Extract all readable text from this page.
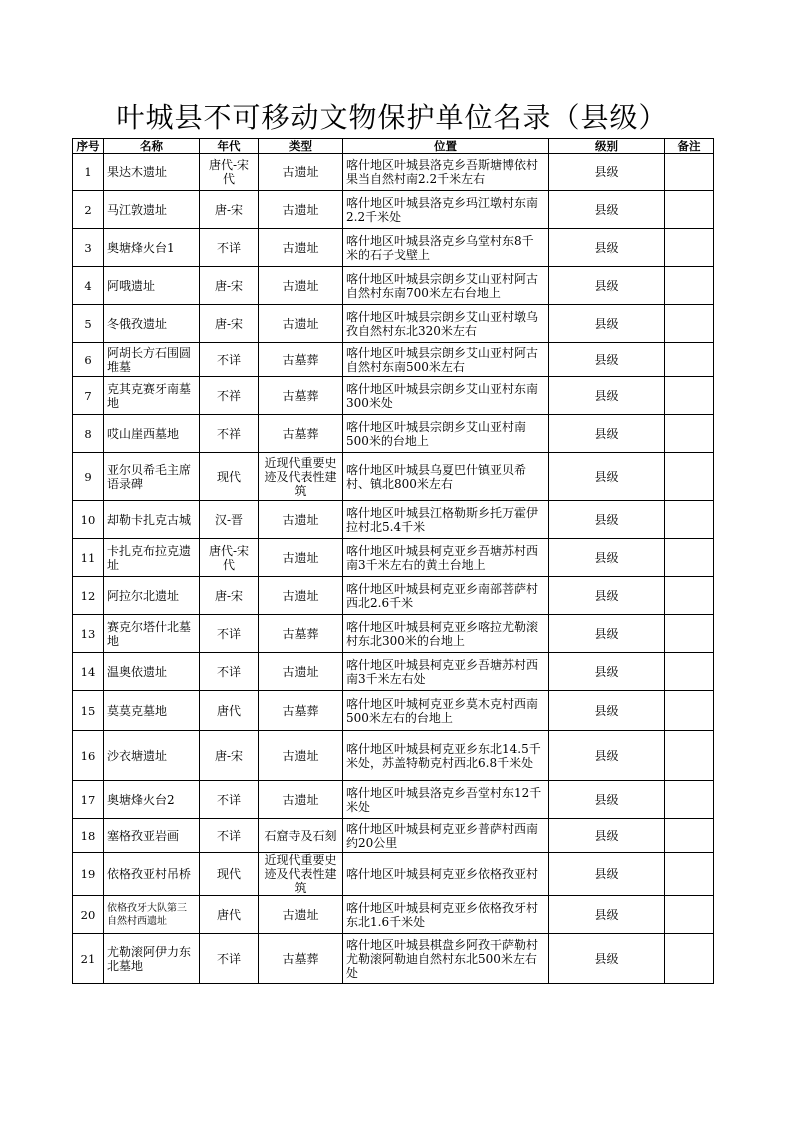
叶城县不可移动文物保护单位名录（县级）
序号	名称	年代	类型	位置	级别	备注
1	果达木遗址	唐代-宋代	古遗址	喀什地区叶城县洛克乡吾斯塘博依村果当自然村南2.2千米左右	县级	
2	马江敦遗址	唐-宋	古遗址	喀什地区叶城县洛克乡玛江墩村东南2.2千米处	县级	
3	奥塘烽火台1	不详	古遗址	喀什地区叶城县洛克乡乌堂村东8千米的石子戈壁上	县级	
4	阿哦遗址	唐-宋	古遗址	喀什地区叶城县宗朗乡艾山亚村阿古自然村东南700米左右台地上	县级	
5	冬俄孜遗址	唐-宋	古遗址	喀什地区叶城县宗朗乡艾山亚村墩乌孜自然村东北320米左右	县级	
6	阿胡长方石围圆堆墓	不详	古墓葬	喀什地区叶城县宗朗乡艾山亚村阿古自然村东南500米左右	县级	
7	克其克赛牙南墓地	不祥	古墓葬	喀什地区叶城县宗朗乡艾山亚村东南300米处	县级	
8	哎山崖西墓地	不祥	古墓葬	喀什地区叶城县宗朗乡艾山亚村南500米的台地上	县级	
9	亚尔贝希毛主席语录碑	现代	近现代重要史迹及代表性建筑	喀什地区叶城县乌夏巴什镇亚贝希村、镇北800米左右	县级	
10	却勒卡扎克古城	汉-晋	古遗址	喀什地区叶城县江格勒斯乡托万霍伊拉村北5.4千米	县级	
11	卡扎克布拉克遗址	唐代-宋代	古遗址	喀什地区叶城县柯克亚乡吾塘苏村西南3千米左右的黄土台地上	县级	
12	阿拉尔北遗址	唐-宋	古遗址	喀什地区叶城县柯克亚乡南部菩萨村西北2.6千米	县级	
13	赛克尔塔什北墓地	不详	古墓葬	喀什地区叶城县柯克亚乡喀拉尤勒滚村东北300米的台地上	县级	
14	温奥依遗址	不详	古遗址	喀什地区叶城县柯克亚乡吾塘苏村西南3千米左右处	县级	
15	莫莫克墓地	唐代	古墓葬	喀什地区叶城柯克亚乡莫木克村西南500米左右的台地上	县级	
16	沙衣塘遗址	唐-宋	古遗址	喀什地区叶城县柯克亚乡东北14.5千米处，苏盖特勒克村西北6.8千米处	县级	
17	奥塘烽火台2	不详	古遗址	喀什地区叶城县洛克乡吾堂村东12千米处	县级	
18	塞格孜亚岩画	不详	石窟寺及石刻	喀什地区叶城县柯克亚乡普萨村西南约20公里	县级	
19	依格孜亚村吊桥	现代	近现代重要史迹及代表性建筑	喀什地区叶城县柯克亚乡依格孜亚村	县级	
20	依格孜牙大队第三自然村西遗址	唐代	古遗址	喀什地区叶城县柯克亚乡依格孜牙村东北1.6千米处	县级	
21	尤勒滚阿伊力东北墓地	不详	古墓葬	喀什地区叶城县棋盘乡阿孜干萨勒村尤勒滚阿勒迪自然村东北500米左右处	县级	
